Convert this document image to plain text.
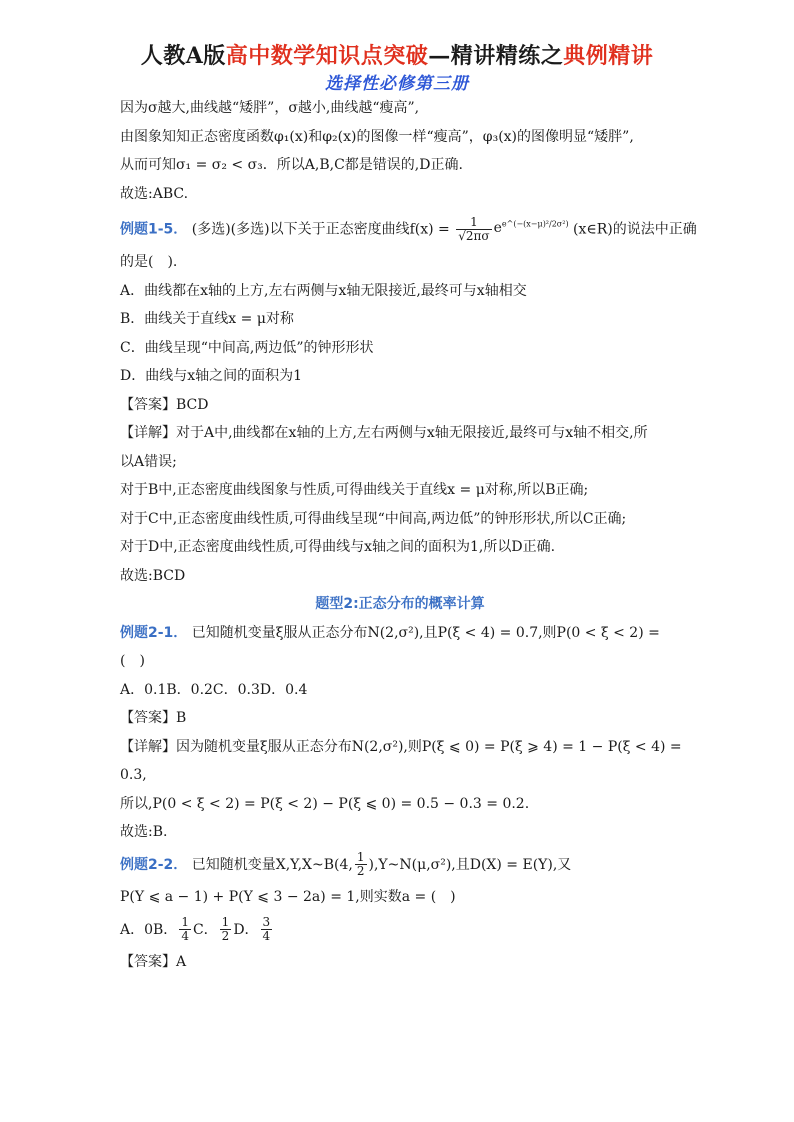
人教A版高中数学知识点突破—精讲精练之典例精讲
选择性必修第三册
因为σ越大,曲线越“矮胖”，σ越小,曲线越“瘦高”,
由图象知知正态密度函数φ₁(x)和φ₂(x)的图像一样“瘦高”，φ₃(x)的图像明显“矮胖”,
从而可知σ₁ = σ₂ < σ₃．所以A,B,C都是错误的,D正确.
故选:ABC.
例题1-5． (多选)(多选)以下关于正态密度曲线$f(x) = \frac{1}{√2\pi\sigma} e^{e\^{}(-(x-\mu)^2/2\sigma^2)}$ (x∈R)的说法中正确
的是(　).
A．曲线都在x轴的上方,左右两侧与x轴无限接近,最终可与x轴相交
B．曲线关于直线x = μ对称
C．曲线呈现“中间高,两边低”的钟形形状
D．曲线与x轴之间的面积为1
【答案】BCD
【详解】对于A中,曲线都在x轴的上方,左右两侧与x轴无限接近,最终可与x轴不相交,所
以A错误;
对于B中,正态密度曲线图象与性质,可得曲线关于直线x = μ对称,所以B正确;
对于C中,正态密度曲线性质,可得曲线呈现“中间高,两边低”的钟形形状,所以C正确;
对于D中,正态密度曲线性质,可得曲线与x轴之间的面积为1,所以D正确.
故选:BCD
题型2:正态分布的概率计算
例题2-1． 已知随机变量ξ服从正态分布N(2,σ²),且P(ξ < 4) = 0.7,则P(0 < ξ < 2) =
(　)
A．0.1B．0.2C．0.3D．0.4
【答案】B
【详解】因为随机变量ξ服从正态分布N(2,σ²),则P(ξ ⩽ 0) = P(ξ ⩾ 4) = 1 − P(ξ < 4) =
0.3,
所以,P(0 < ξ < 2) = P(ξ < 2) − P(ξ ⩽ 0) = 0.5 − 0.3 = 0.2.
故选:B.
例题2-2． 已知随机变量X,Y,X~B(4, $\frac{1}{2}$ ),Y~N(μ,σ²),且D(X) = E(Y),又
P(Y ⩽ a − 1) + P(Y ⩽ 3 − 2a) = 1,则实数a = (　)
A．0B． $\frac{1}{4}$ C． $\frac{1}{2}$ D． $\frac{3}{4}$
【答案】A
